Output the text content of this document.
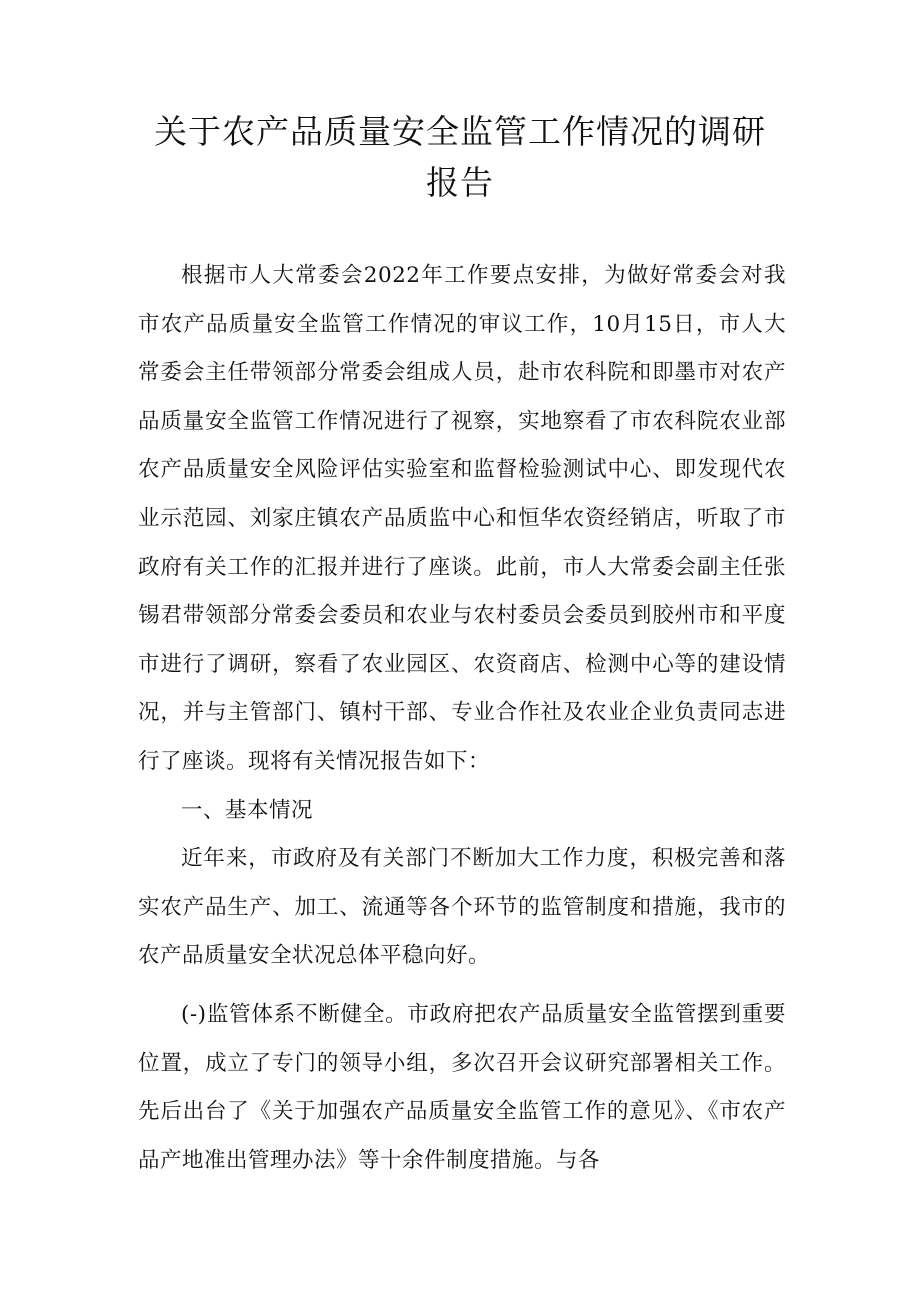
关于农产品质量安全监管工作情况的调研
报告

根据市人大常委会2022年工作要点安排，为做好常委会对我市农产品质量安全监管工作情况的审议工作，10月15日，市人大常委会主任带领部分常委会组成人员，赴市农科院和即墨市对农产品质量安全监管工作情况进行了视察，实地察看了市农科院农业部农产品质量安全风险评估实验室和监督检验测试中心、即发现代农业示范园、刘家庄镇农产品质监中心和恒华农资经销店，听取了市政府有关工作的汇报并进行了座谈。此前，市人大常委会副主任张锡君带领部分常委会委员和农业与农村委员会委员到胶州市和平度市进行了调研，察看了农业园区、农资商店、检测中心等的建设情况，并与主管部门、镇村干部、专业合作社及农业企业负责同志进行了座谈。现将有关情况报告如下：

一、基本情况

近年来，市政府及有关部门不断加大工作力度，积极完善和落实农产品生产、加工、流通等各个环节的监管制度和措施，我市的农产品质量安全状况总体平稳向好。

(-)监管体系不断健全。市政府把农产品质量安全监管摆到重要位置，成立了专门的领导小组，多次召开会议研究部署相关工作。先后出台了《关于加强农产品质量安全监管工作的意见》、《市农产品产地准出管理办法》等十余件制度措施。与各
